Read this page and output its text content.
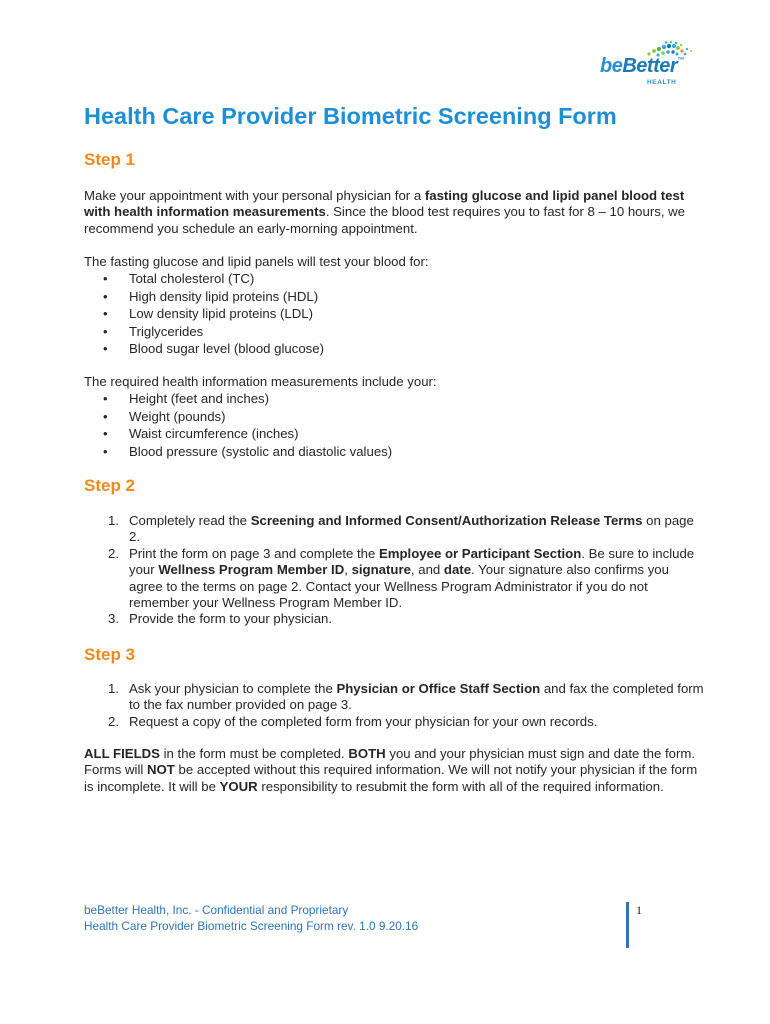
beBetter™
HEALTH
Health Care Provider Biometric Screening Form
Step 1

Make your appointment with your personal physician for a fasting glucose and lipid panel blood test with health information measurements. Since the blood test requires you to fast for 8 – 10 hours, we recommend you schedule an early-morning appointment.

The fasting glucose and lipid panels will test your blood for:

• Total cholesterol (TC)
• High density lipid proteins (HDL)
• Low density lipid proteins (LDL)
• Triglycerides
• Blood sugar level (blood glucose)

The required health information measurements include your:

• Height (feet and inches)
• Weight (pounds)
• Waist circumference (inches)
• Blood pressure (systolic and diastolic values)
Step 2
1. Completely read the Screening and Informed Consent/Authorization Release Terms on page 2.
2. Print the form on page 3 and complete the Employee or Participant Section. Be sure to include your Wellness Program Member ID, signature, and date. Your signature also confirms you agree to the terms on page 2. Contact your Wellness Program Administrator if you do not remember your Wellness Program Member ID.
3. Provide the form to your physician.
Step 3
1. Ask your physician to complete the Physician or Office Staff Section and fax the completed form to the fax number provided on page 3.
2. Request a copy of the completed form from your physician for your own records.

ALL FIELDS in the form must be completed. BOTH you and your physician must sign and date the form. Forms will NOT be accepted without this required information. We will not notify your physician if the form is incomplete. It will be YOUR responsibility to resubmit the form with all of the required information.

beBetter Health, Inc. - Confidential and Proprietary
Health Care Provider Biometric Screening Form rev. 1.0 9.20.16
1
